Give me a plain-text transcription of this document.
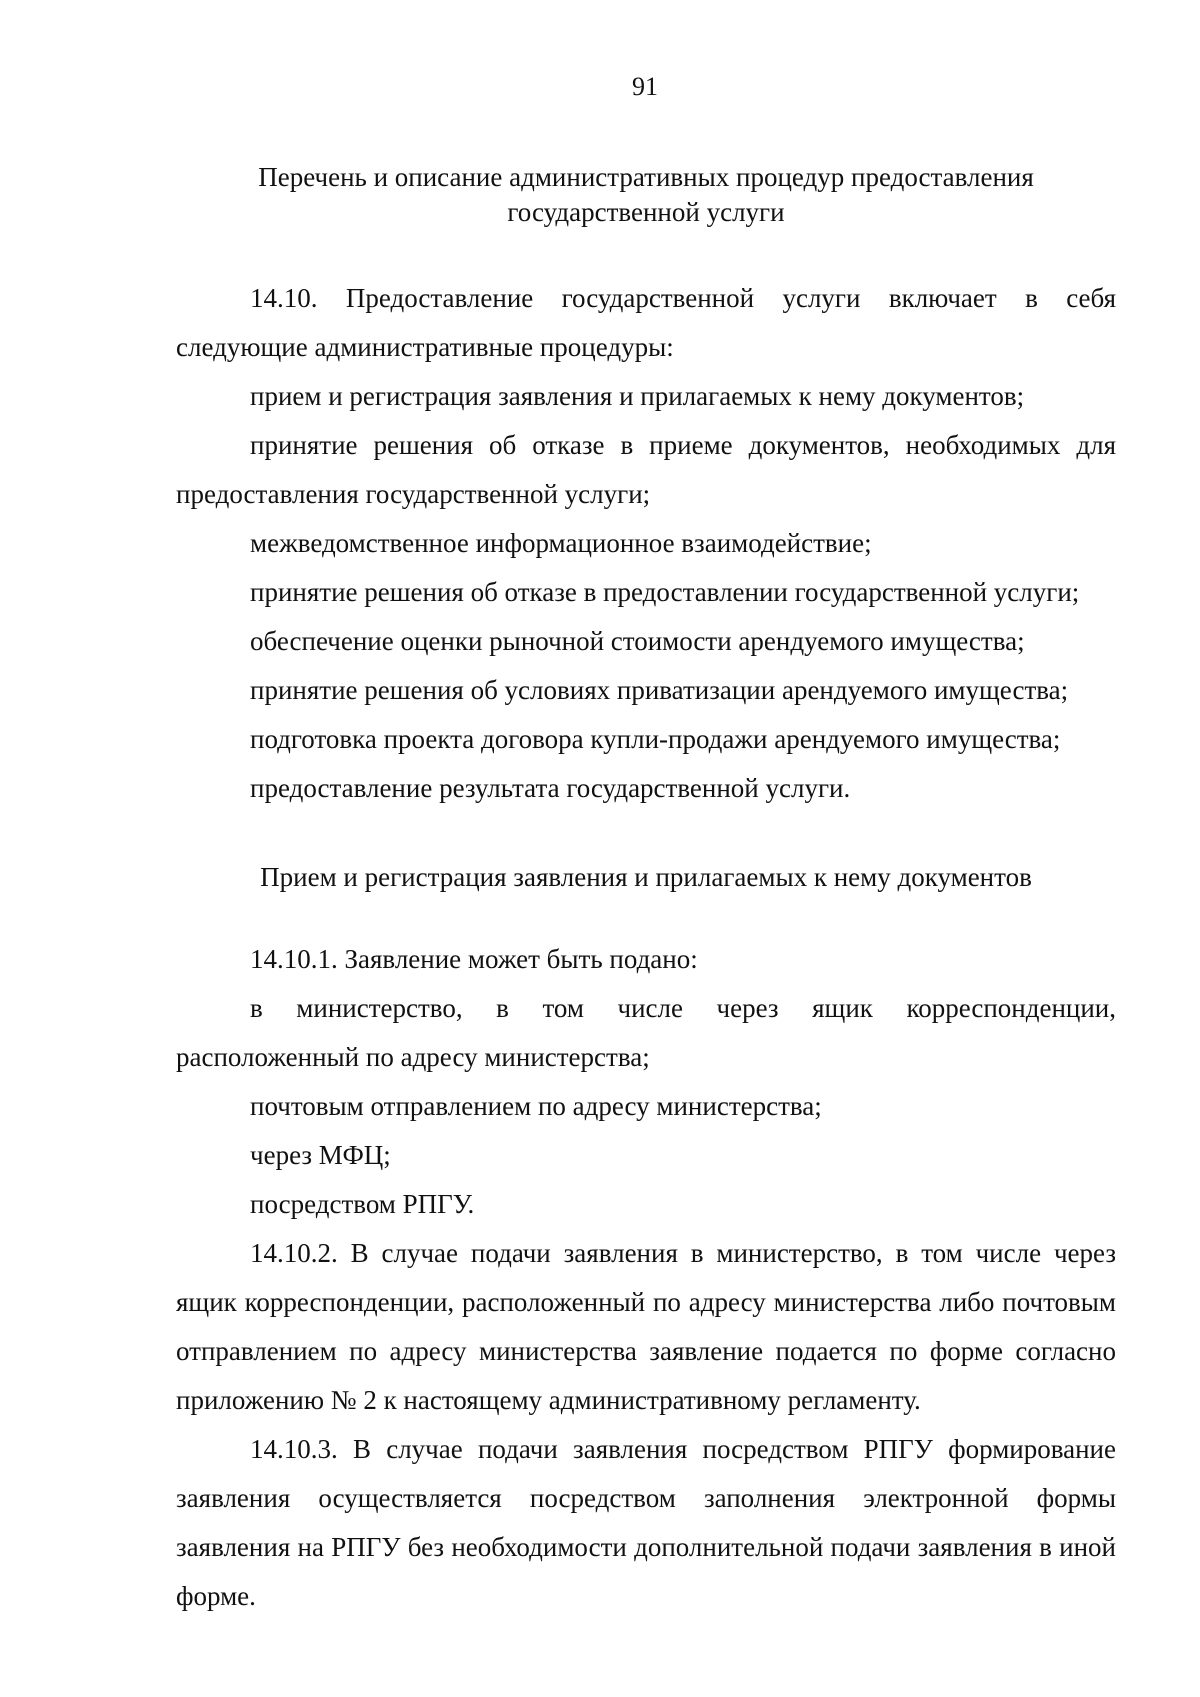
91
Перечень и описание административных процедур предоставления государственной услуги

14.10. Предоставление государственной услуги включает в себя следующие административные процедуры:

прием и регистрация заявления и прилагаемых к нему документов;

принятие решения об отказе в приеме документов, необходимых для предоставления государственной услуги;

межведомственное информационное взаимодействие;

принятие решения об отказе в предоставлении государственной услуги;

обеспечение оценки рыночной стоимости арендуемого имущества;

принятие решения об условиях приватизации арендуемого имущества;

подготовка проекта договора купли-продажи арендуемого имущества;

предоставление результата государственной услуги.

Прием и регистрация заявления и прилагаемых к нему документов

14.10.1. Заявление может быть подано:

в министерство, в том числе через ящик корреспонденции, расположенный по адресу министерства;

почтовым отправлением по адресу министерства;

через МФЦ;

посредством РПГУ.

14.10.2. В случае подачи заявления в министерство, в том числе через ящик корреспонденции, расположенный по адресу министерства либо почтовым отправлением по адресу министерства заявление подается по форме согласно приложению № 2 к настоящему административному регламенту.

14.10.3. В случае подачи заявления посредством РПГУ формирование заявления осуществляется посредством заполнения электронной формы заявления на РПГУ без необходимости дополнительной подачи заявления в иной форме.
